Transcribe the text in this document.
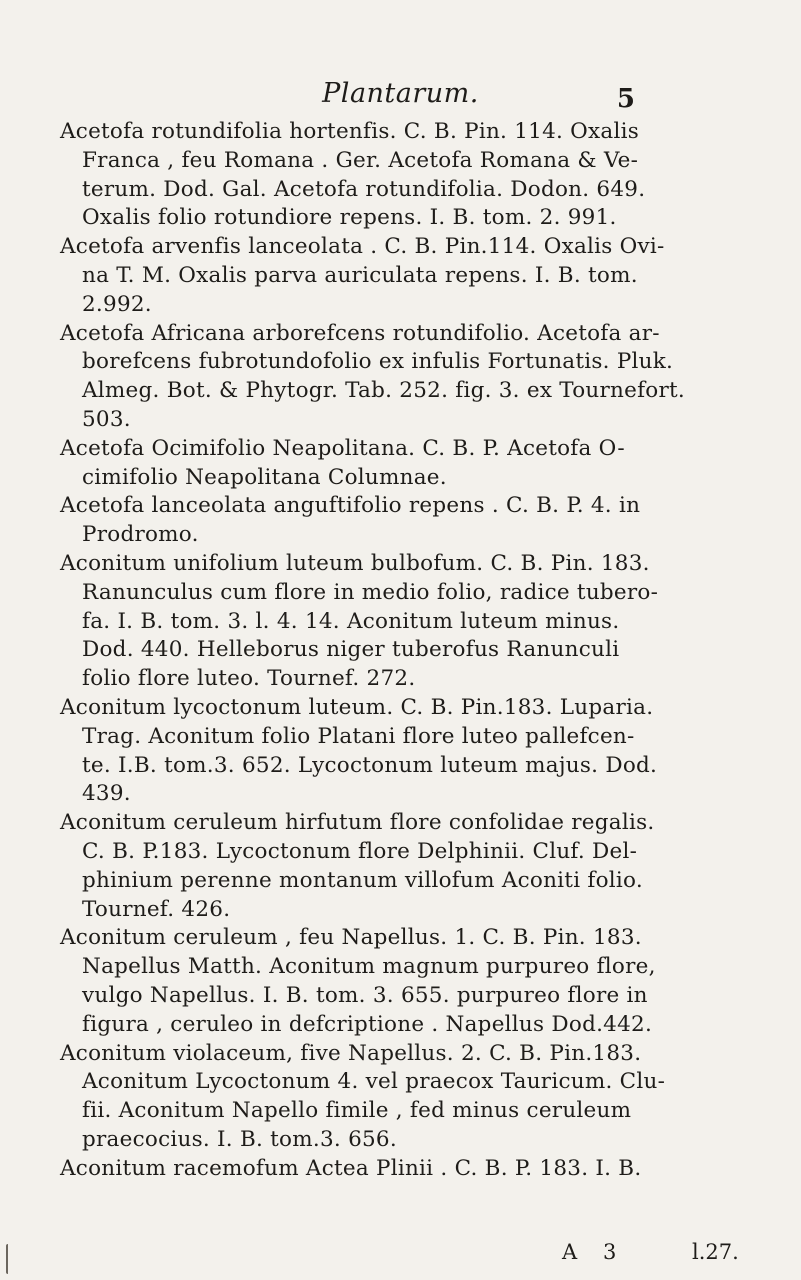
Plantarum.	5
Acetofa rotundifolia hortenfis. C. B. Pin. 114. Oxalis
Franca , feu Romana . Ger. Acetofa Romana & Ve-
terum. Dod. Gal. Acetofa rotundifolia. Dodon. 649.
Oxalis folio rotundiore repens. I. B. tom. 2. 991.
Acetofa arvenfis lanceolata . C. B. Pin.114. Oxalis Ovi-
na T. M. Oxalis parva auriculata repens. I. B. tom.
2.992.
Acetofa Africana arborefcens rotundifolio. Acetofa ar-
borefcens fubrotundofolio ex infulis Fortunatis. Pluk.
Almeg. Bot. & Phytogr. Tab. 252. fig. 3. ex Tournefort.
503.
Acetofa Ocimifolio Neapolitana. C. B. P. Acetofa O-
cimifolio Neapolitana Columnae.
Acetofa lanceolata anguftifolio repens . C. B. P. 4. in
Prodromo.
Aconitum unifolium luteum bulbofum. C. B. Pin. 183.
Ranunculus cum flore in medio folio, radice tubero-
fa. I. B. tom. 3. l. 4. 14. Aconitum luteum minus.
Dod. 440. Helleborus niger tuberofus Ranunculi
folio flore luteo. Tournef. 272.
Aconitum lycoctonum luteum. C. B. Pin.183. Luparia.
Trag. Aconitum folio Platani flore luteo pallefcen-
te. I.B. tom.3. 652. Lycoctonum luteum majus. Dod.
439.
Aconitum ceruleum hirfutum flore confolidae regalis.
C. B. P.183. Lycoctonum flore Delphinii. Cluf. Del-
phinium perenne montanum villofum Aconiti folio.
Tournef. 426.
Aconitum ceruleum , feu Napellus. 1. C. B. Pin. 183.
Napellus Matth. Aconitum magnum purpureo flore,
vulgo Napellus. I. B. tom. 3. 655. purpureo flore in
figura , ceruleo in defcriptione . Napellus Dod.442.
Aconitum violaceum, five Napellus. 2. C. B. Pin.183.
Aconitum Lycoctonum 4. vel praecox Tauricum. Clu-
fii. Aconitum Napello fimile , fed minus ceruleum
praecocius. I. B. tom.3. 656.
Aconitum racemofum Actea Plinii . C. B. P. 183. I. B.
A 3	l.27.
